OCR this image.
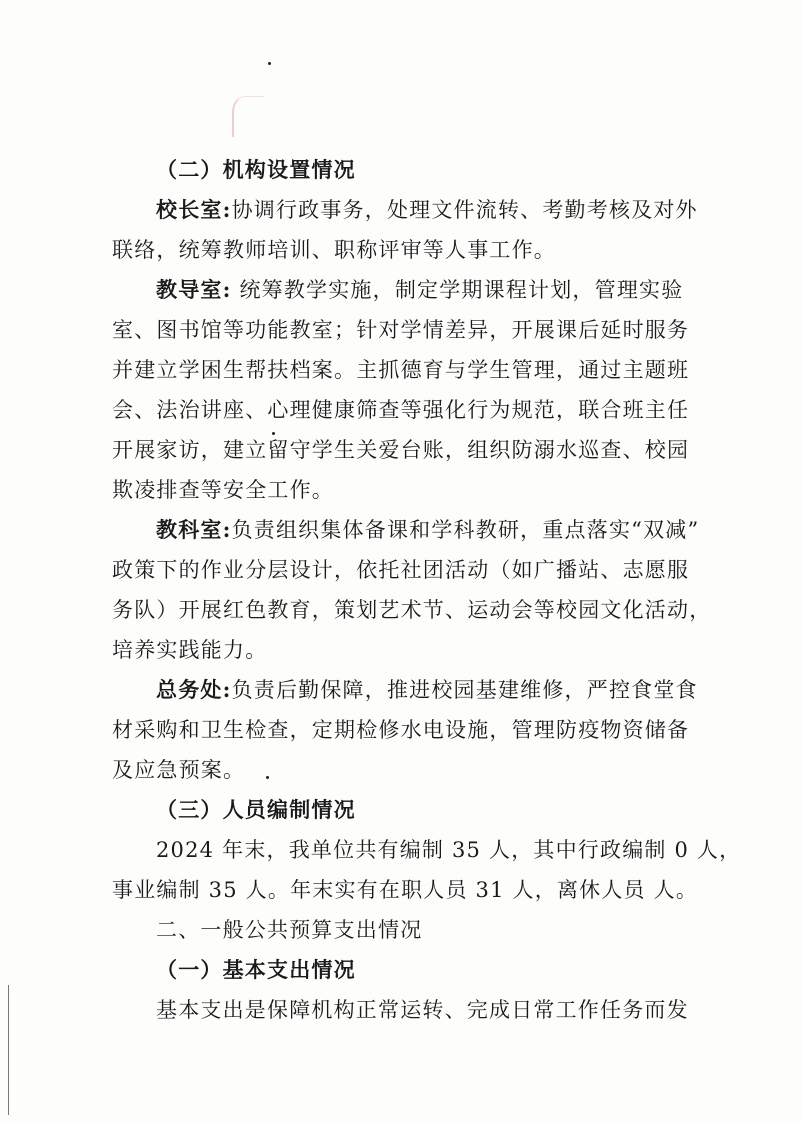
（二）机构设置情况
校长室:协调行政事务，处理文件流转、考勤考核及对外
联络，统筹教师培训、职称评审等人事工作。
教导室: 统筹教学实施，制定学期课程计划，管理实验
室、图书馆等功能教室；针对学情差异，开展课后延时服务
并建立学困生帮扶档案。主抓德育与学生管理，通过主题班
会、法治讲座、心理健康筛查等强化行为规范，联合班主任
开展家访，建立留守学生关爱台账，组织防溺水巡查、校园
欺凌排查等安全工作。
教科室:负责组织集体备课和学科教研，重点落实“双减”
政策下的作业分层设计，依托社团活动（如广播站、志愿服
务队）开展红色教育，策划艺术节、运动会等校园文化活动，
培养实践能力。
总务处:负责后勤保障，推进校园基建维修，严控食堂食
材采购和卫生检查，定期检修水电设施，管理防疫物资储备
及应急预案。
（三）人员编制情况
2024 年末，我单位共有编制 35 人，其中行政编制 0 人，
事业编制 35 人。年末实有在职人员 31 人，离休人员 人。
二、一般公共预算支出情况
（一）基本支出情况
基本支出是保障机构正常运转、完成日常工作任务而发
